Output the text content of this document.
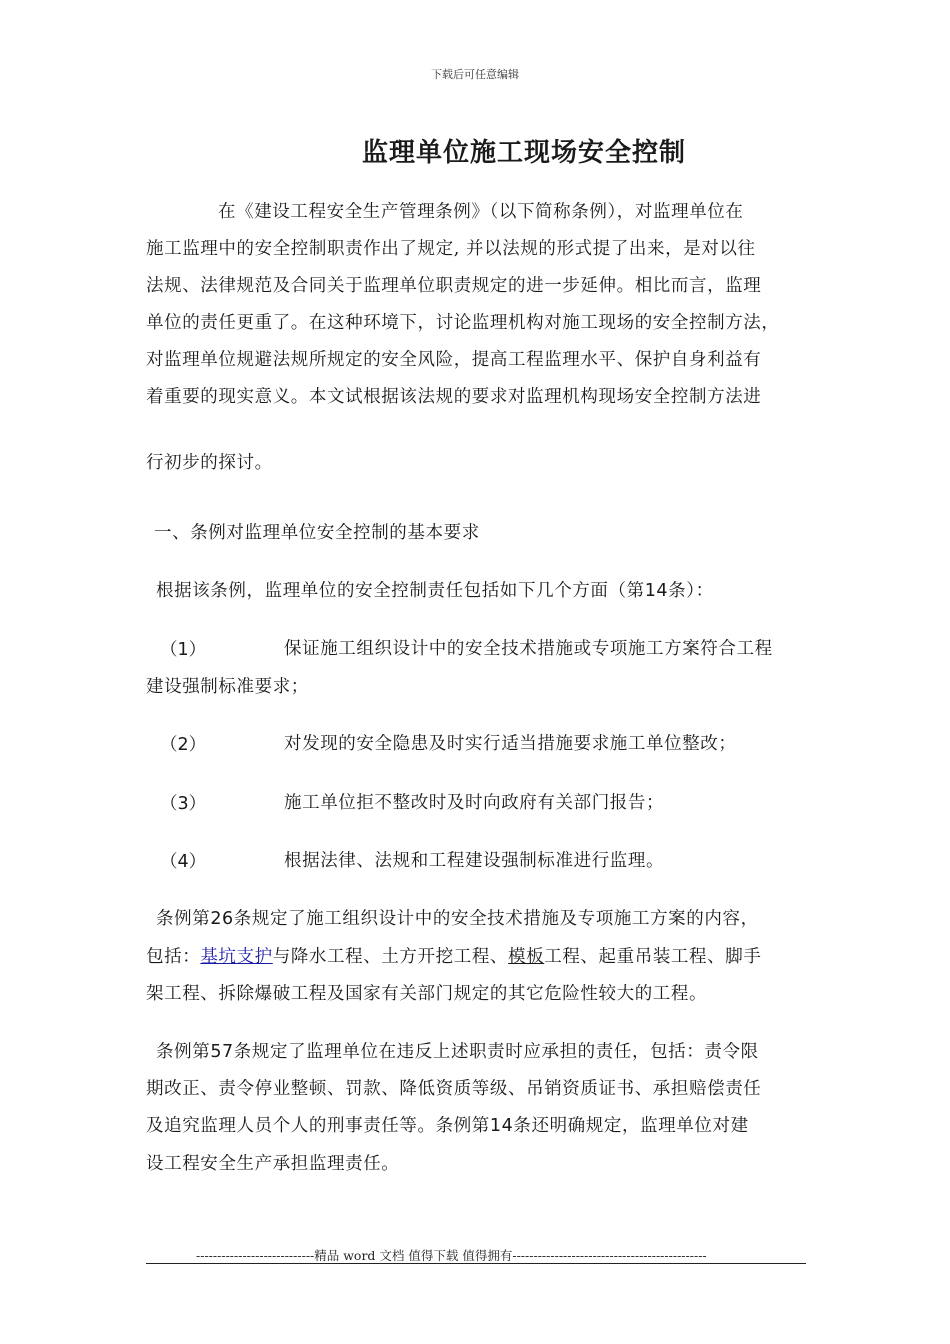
下载后可任意编辑
监理单位施工现场安全控制
在《建设工程安全生产管理条例》（以下简称条例），对监理单位在
施工监理中的安全控制职责作出了规定, 并以法规的形式提了出来，是对以往
法规、法律规范及合同关于监理单位职责规定的进一步延伸。相比而言，监理
单位的责任更重了。在这种环境下，讨论监理机构对施工现场的安全控制方法，
对监理单位规避法规所规定的安全风险，提高工程监理水平、保护自身利益有
着重要的现实意义。本文试根据该法规的要求对监理机构现场安全控制方法进
行初步的探讨。
一、条例对监理单位安全控制的基本要求
根据该条例，监理单位的安全控制责任包括如下几个方面（第14条）：
（1）	保证施工组织设计中的安全技术措施或专项施工方案符合工程
建设强制标准要求；
（2）	对发现的安全隐患及时实行适当措施要求施工单位整改；
（3）	施工单位拒不整改时及时向政府有关部门报告；
（4）	根据法律、法规和工程建设强制标准进行监理。
条例第26条规定了施工组织设计中的安全技术措施及专项施工方案的内容，
包括：基坑支护与降水工程、土方开挖工程、模板工程、起重吊装工程、脚手
架工程、拆除爆破工程及国家有关部门规定的其它危险性较大的工程。
条例第57条规定了监理单位在违反上述职责时应承担的责任，包括：责令限
期改正、责令停业整顿、罚款、降低资质等级、吊销资质证书、承担赔偿责任
及追究监理人员个人的刑事责任等。条例第14条还明确规定，监理单位对建
设工程安全生产承担监理责任。
----------------------------精品 word 文档 值得下载 值得拥有----------------------------------------------
